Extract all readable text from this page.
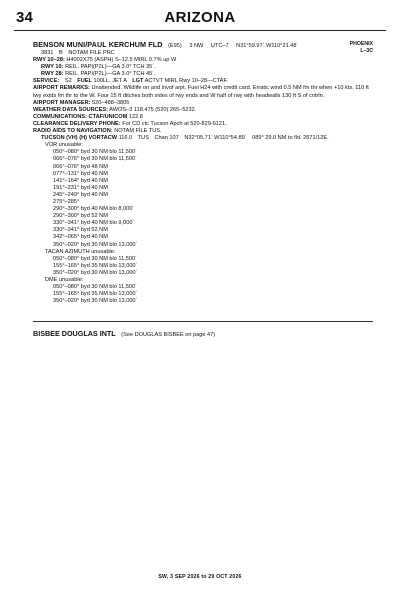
34	ARIZONA
BENSON MUNI/PAUL KERCHUM FLD (E95) 3 NW UTC–7 N31°59.97´ W110°21.48´	PHOENIX
L–3C
3831 B NOTAM FILE PRC
RWY 10–28: H4002X75 (ASPH) S–12.5 MIRL 0.7% up W
RWY 10: REIL. PAPI(P2L)—GA 3.0° TCH 35´.
RWY 28: REIL. PAPI(P2L)—GA 3.0° TCH 45´.
SERVICE: S2 FUEL 100LL, JET A LGT ACTVT MIRL Rwy 10–28—CTAF.
AIRPORT REMARKS: Unattended. Wildlife on and invof arpt. Fuel H24 with credit card. Erratic wind 0.5 NM fm thr when +10 kts. 110 ft twy extds fm thr to the W. Four 15 ft ditches both sides of rwy ends and W half of rwy with headwalls 130 ft S of cntrln.
AIRPORT MANAGER: 520–488–3805
WEATHER DATA SOURCES: AWOS–3 118.475 (520) 265–5232.
COMMUNICATIONS: CTAF/UNICOM 122.8
CLEARANCE DELIVERY PHONE: For CD ctc Tucson Apch at 520-829-6121.
RADIO AIDS TO NAVIGATION: NOTAM FILE TUS.
TUCSON (VH) (H) VORTACW 116.0 TUS Chan 107 N32°05.71´ W110°54.89´ 089° 29.0 NM to fld. 2671/12E.
VOR unusable:
050°–080° byd 30 NM blo 11,500´
066°–076° byd 30 NM blo 11,500´
066°–076° byd 48 NM
077°–131° byd 40 NM
141°–164° byd 40 NM
191°–231° byd 40 NM
245°–249° byd 40 NM
275°–285°
290°–300° byd 40 NM blo 8,000´
290°–300° byd 52 NM
330°–341° byd 40 NM blo 9,000´
330°–341° byd 52 NM
342°–065° byd 40 NM
350°–020° byd 30 NM blo 13,000´
TACAN AZIMUTH unusable:
050°–080° byd 30 NM blo 11,500´
155°–165° byd 35 NM blo 13,000´
350°–020° byd 30 NM blo 13,000´
DME unusable:
050°–080° byd 30 NM blo 11,500´
155°–165° byd 35 NM blo 13,000´
350°–020° byd 30 NM blo 13,000´
BISBEE DOUGLAS INTL (See DOUGLAS BISBEE on page 47)
SW, 3 SEP 2026 to 29 OCT 2026
